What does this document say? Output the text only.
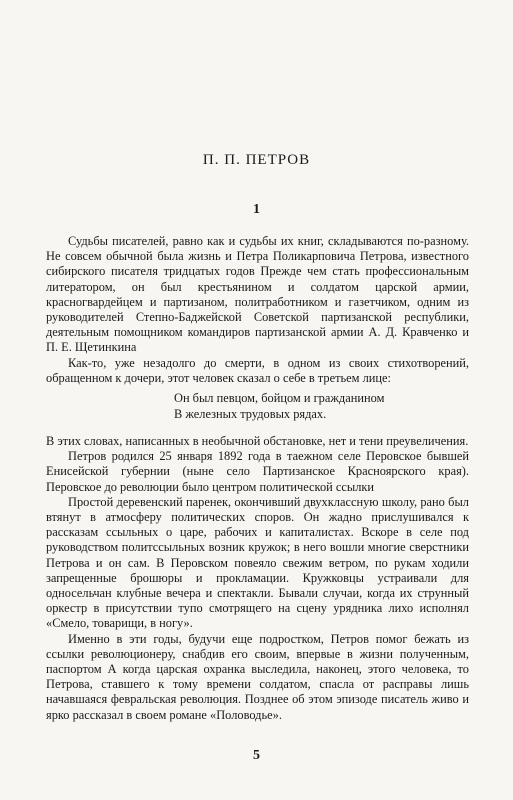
П. П. ПЕТРОВ
1

Судьбы писателей, равно как и судьбы их книг, складываются по-разному. Не совсем обычной была жизнь и Петра Поликарповича Петрова, известного сибирского писателя тридцатых годов Прежде чем стать профессиональным литератором, он был крестьянином и солдатом царской армии, красногвардейцем и партизаном, политработником и газетчиком, одним из руководителей Степно-Баджейской Советской партизанской республики, деятельным помощником командиров партизанской армии А. Д. Кравченко и П. Е. Щетинкина

Как-то, уже незадолго до смерти, в одном из своих стихотворений, обращенном к дочери, этот человек сказал о себе в третьем лице:

Он был певцом, бойцом и гражданином
В железных трудовых рядах.

В этих словах, написанных в необычной обстановке, нет и тени преувеличения.

Петров родился 25 января 1892 года в таежном селе Перовское бывшей Енисейской губернии (ныне село Партизанское Красноярского края). Перовское до революции было центром политической ссылки

Простой деревенский паренек, окончивший двухклассную школу, рано был втянут в атмосферу политических споров. Он жадно прислушивался к рассказам ссыльных о царе, рабочих и капиталистах. Вскоре в селе под руководством политссыльных возник кружок; в него вошли многие сверстники Петрова и он сам. В Перовском повеяло свежим ветром, по рукам ходили запрещенные брошюры и прокламации. Кружковцы устраивали для односельчан клубные вечера и спектакли. Бывали случаи, когда их струнный оркестр в присутствии тупо смотрящего на сцену урядника лихо исполнял «Смело, товарищи, в ногу».

Именно в эти годы, будучи еще подростком, Петров помог бежать из ссылки революционеру, снабдив его своим, впервые в жизни полученным, паспортом А когда царская охранка выследила, наконец, этого человека, то Петрова, ставшего к тому времени солдатом, спасла от расправы лишь начавшаяся февральская революция. Позднее об этом эпизоде писатель живо и ярко рассказал в своем романе «Половодье».

5
